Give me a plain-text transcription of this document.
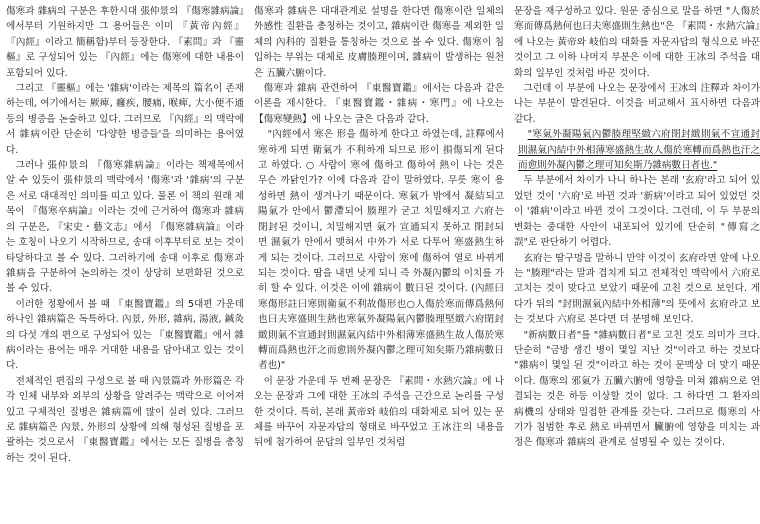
傷寒과 雜病의 구분은 후한시대 張仲景의 『傷寒雜病論』에서부터 기원하지만 그 용어들은 이미 『黃帝內經』 『內經』이라고 簡稱함)부터 등장한다. 『素問』과 『靈樞』로 구성되어 있는 『內經』에는 傷寒에 대한 내용이 포함되어 있다.

그리고 『靈樞』에는 '雜病'이라는 제목의 篇名이 존재하는데, 여기에서는 厥痺, 癰疾, 腰痛, 喉痺, 大小便不通 등의 병증을 논술하고 있다. 그러므로 『內經』의 맥락에서 雜病이란 단순히 '다양한 병증들'을 의미하는 용어였다.

그러나 張仲景의 『傷寒雜病論』이라는 책제목에서 알 수 있듯이 張仲景의 맥락에서 '傷寒'과 '雜病'의 구분은 서로 대대적인 의미를 띠고 있다. 물론 이 책의 원래 제목이 『傷寒卒病論』이라는 것에 근거하여 傷寒과 雜病의 구분은, 『宋史・藝文志』에서 『傷寒雜病論』이라는 호칭이 나오기 시작하므로, 송대 이후부터로 보는 것이 타당하다고 볼 수 있다. 그러하기에 송대 이후로 傷寒과 雜病을 구분하여 논의하는 것이 상당히 보편화된 것으로 볼 수 있다.

이러한 정황에서 볼 때 『東醫寶鑑』의 5대편 가운데 하나인 雜病篇은 독특하다. 內景, 外形, 雜病, 湯液, 鍼灸의 다섯 개의 편으로 구성되어 있는 『東醫寶鑑』에서 雜病이라는 용어는 매우 거대한 내용을 담아내고 있는 것이다.

전체적인 편집의 구성으로 볼 때 內景篇과 外形篇은 각각 인체 내부와 외부의 상황을 알려주는 맥락으로 이어져 있고 구체적인 질병은 雜病篇에 많이 실려 있다. 그러므로 雜病篇은 內景, 外形의 상황에 의해 형성된 질병을 포괄하는 것으로서 『東醫寶鑑』에서는 모든 질병을 총칭하는 것이 된다.

傷寒과 雜病은 대대관계로 설명을 한다면 傷寒이란 일체의 外感性 질환을 총칭하는 것이고, 雜病이란 傷寒을 제외한 일체의 內科的 질환을 통칭하는 것으로 볼 수 있다. 傷寒이 침입하는 부위는 대체로 皮膚腠理이며, 雜病이 발생하는 원천은 五臟六腑이다.

傷寒과 雜病 관련하여 『東醫寶鑑』에서는 다음과 같은 이론을 제시한다. 『東醫寶鑑・雜病・寒門』에 나오는 【傷寒變熱】에 나오는 글은 다음과 같다.

"內經에서 寒은 形을 傷하게 한다고 하였는데, 註釋에서 寒하게 되면 衛氣가 不利하게 되므로 形이 損傷되게 된다고 하였다. ○ 사람이 寒에 傷하고 傷하여 熱이 나는 것은 무슨 까닭인가? 이에 다음과 같이 말하였다. 무릇 寒이 용성하면 熱이 생겨나기 때문이다. 寒氣가 밖에서 凝結되고 陽氣가 안에서 鬱滯되어 腠理가 굳고 치밀해지고 六府는 閉封된 것이니, 치밀해지면 氣가 宣通되지 못하고 閉封되면 濕氣가 안에서 맺혀서 中外가 서로 다투어 寒盛熱生하게 되는 것이다. 그러므로 사람이 寒에 傷하여 열로 바뀌게 되는 것이다. 땀을 내면 낫게 되니 즉 外凝內鬱의 이치를 가히 할 수 있다. 이것은 이에 雜病이 數日된 것이다. (內經曰寒傷形註曰寒則衛氣不利故傷形也○人傷於寒而傳爲熱何也曰夫寒盛則生熱也寒氣外凝陽氣內鬱腠理堅緻六府閉封緻則氣不宣通封則濕氣內結中外相薄寒盛熱生故人傷於寒轉而爲熱也汗之而愈則外凝內鬱之理可知矣斯乃雜病數日者也)"

이 문장 가운데 두 번째 문장은 『素問・水熱穴論』에 나오는 문장과 그에 대한 王冰의 주석을 근간으로 논리를 구성한 것이다. 특히, 본래 黃帝와 岐伯의 대화체로 되어 있는 문체를 바꾸어 자문자답의 형태로 바꾸었고 王冰注의 내용을 뒤에 첨가하여 문답의 일부인 것처럼

문장을 재구성하고 있다. 원문 중심으로 말을 하면 "人傷於寒而傳爲熱何也曰夫寒盛則生熱也"은 『素問・水熱穴論』에 나오는 黃帝와 岐伯의 대화를 자문자답의 형식으로 바꾼 것이고 그 이하 나머지 부분은 이에 대한 王冰의 주석을 대화의 일부인 것처럼 바꾼 것이다.

그런데 이 부분에 나오는 문장에서 王冰의 注釋과 차이가 나는 부분이 발견된다. 이것을 비교해서 표시하면 다음과 같다.

"寒氣外凝陽氣內鬱腠理堅緻六府閉封緻則氣不宣通封則濕氣內結中外相薄寒盛熱生故人傷於寒轉而爲熱也汗之而愈則外凝內鬱之理可知矣斯乃雜病數日者也."

두 부분에서 차이가 나니 하나는 본래 '玄府'라고 되어 있었던 것이 '六府'로 바뀐 것과 '新病'이라고 되어 있었던 것이 '雜病'이라고 바뀐 것이 그것이다. 그런데, 이 두 부분의 변화는 중대한 사안이 내포되어 있기에 단순히 "傳寫之誤"로 판단하기 어렵다.

玄府는 땀구멍을 말하니 만약 이것이 玄府라면 앞에 나오는 "腠理"라는 말과 겹치게 되고 전체적인 맥락에서 六府로 고치는 것이 맞다고 보았기 때문에 고친 것으로 보인다. 게다가 뒤의 "封則濕氣內結中外相薄"의 뜻에서 玄府라고 보는 것보다 六府로 본다면 더 분명해 보인다.

"新病數日者"를 "雜病數日者"로 고친 것도 의미가 크다. 단순히 "금방 생긴 병이 몇일 지난 것"이라고 하는 것보다 "雜病이 몇일 된 것"이라고 하는 것이 문맥상 더 맞기 때문이다. 傷寒의 邪氣가 五臟六腑에 영향을 미쳐 雜病으로 연결되는 것은 하등 이상할 것이 없다. 그 하다면 그 환자의 病機의 상태와 밀접한 관계를 갖는다. 그러므로 傷寒의 사기가 침범한 후로 熱로 바뀌면서 臟腑에 영향을 미치는 과정은 傷寒과 雜病의 관계로 설명될 수 있는 것이다.
